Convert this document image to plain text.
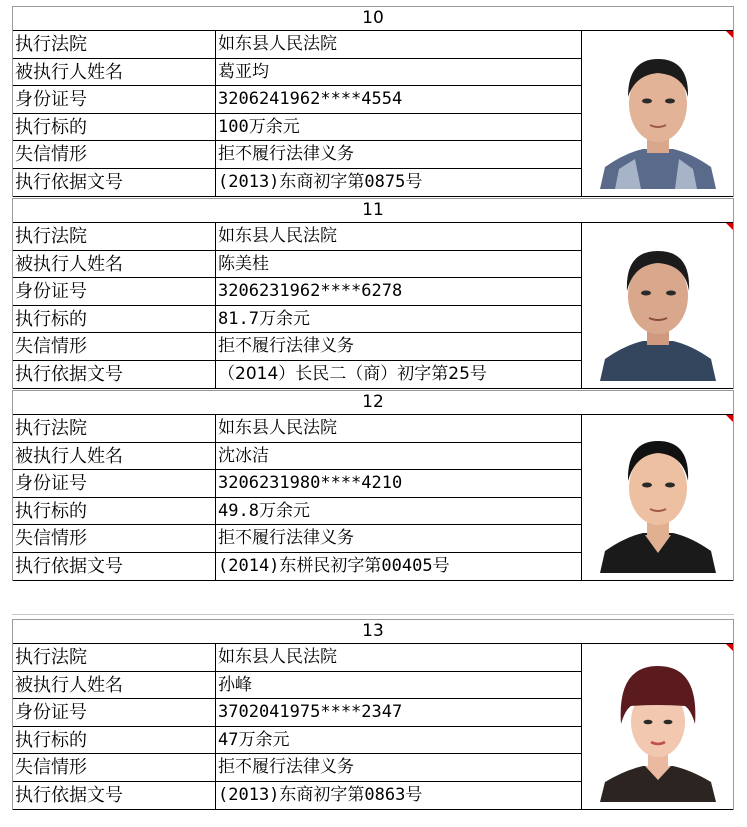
10
执行法院	如东县人民法院
被执行人姓名	葛亚均
身份证号	3206241962****4554
执行标的	100万余元
失信情形	拒不履行法律义务
执行依据文号	(2013)东商初字第0875号
11
执行法院	如东县人民法院
被执行人姓名	陈美桂
身份证号	3206231962****6278
执行标的	81.7万余元
失信情形	拒不履行法律义务
执行依据文号	（2014）长民二（商）初字第25号
12
执行法院	如东县人民法院
被执行人姓名	沈冰洁
身份证号	3206231980****4210
执行标的	49.8万余元
失信情形	拒不履行法律义务
执行依据文号	(2014)东栟民初字第00405号
13
执行法院	如东县人民法院
被执行人姓名	孙峰
身份证号	3702041975****2347
执行标的	47万余元
失信情形	拒不履行法律义务
执行依据文号	(2013)东商初字第0863号
